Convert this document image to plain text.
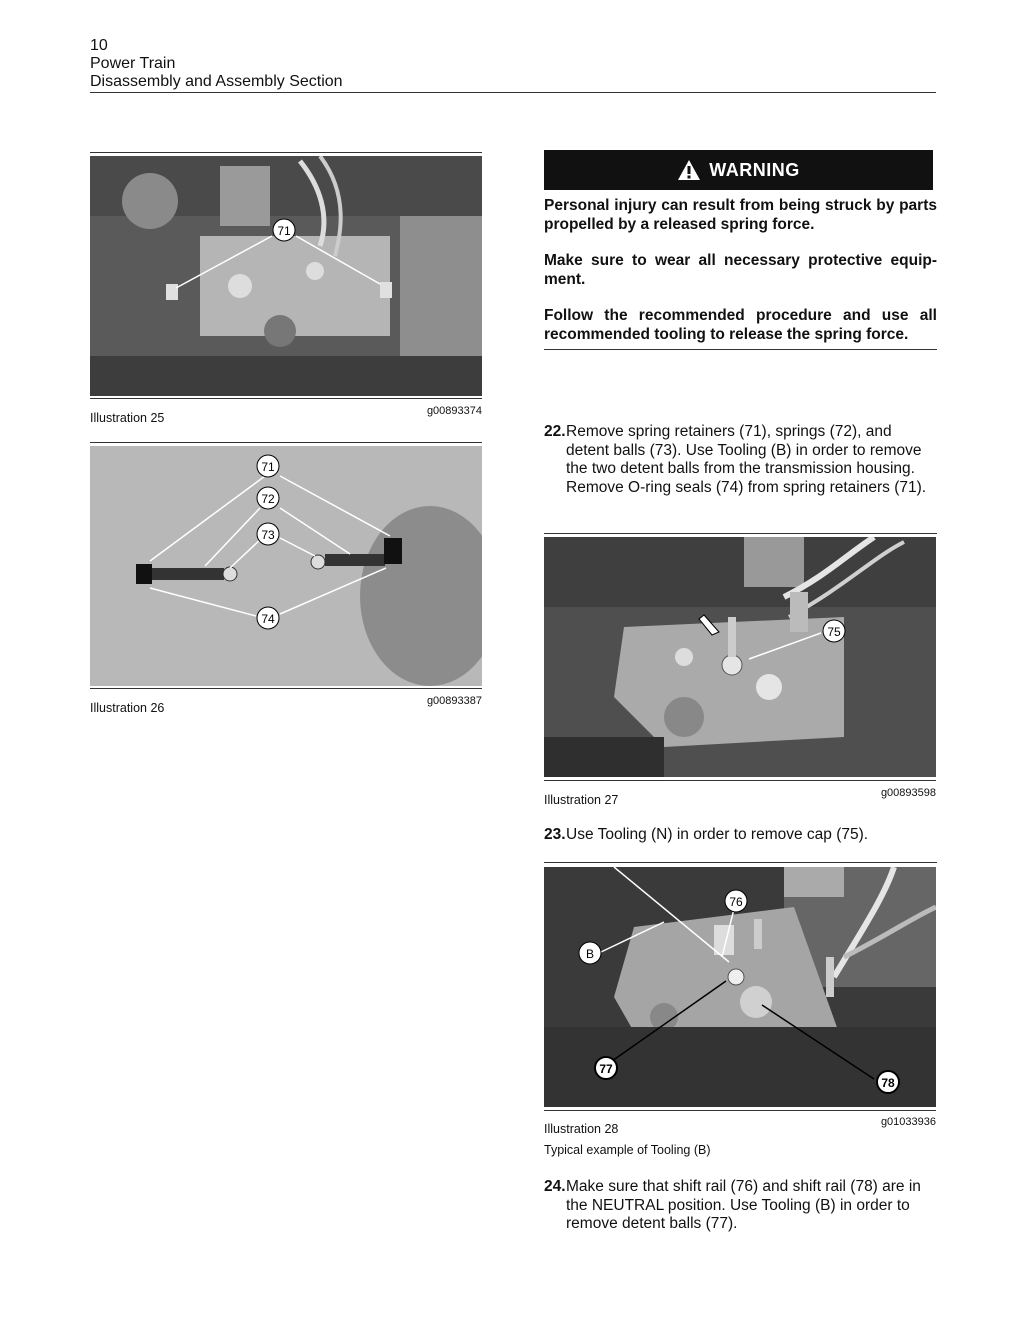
10
Power Train
Disassembly and Assembly Section
71
Illustration 25	g00893374
71
72
73
74
Illustration 26	g00893387
WARNING

Personal injury can result from being struck by parts propelled by a released spring force.

Make sure to wear all necessary protective equip-ment.

Follow the recommended procedure and use all recommended tooling to release the spring force.

22. Remove spring retainers (71), springs (72), and detent balls (73). Use Tooling (B) in order to remove the two detent balls from the transmission housing. Remove O-ring seals (74) from spring retainers (71).
75
Illustration 27	g00893598
23. Use Tooling (N) in order to remove cap (75).
76
B
77
78
Illustration 28	g01033936
Typical example of Tooling (B)
24. Make sure that shift rail (76) and shift rail (78) are in the NEUTRAL position. Use Tooling (B) in order to remove detent balls (77).
